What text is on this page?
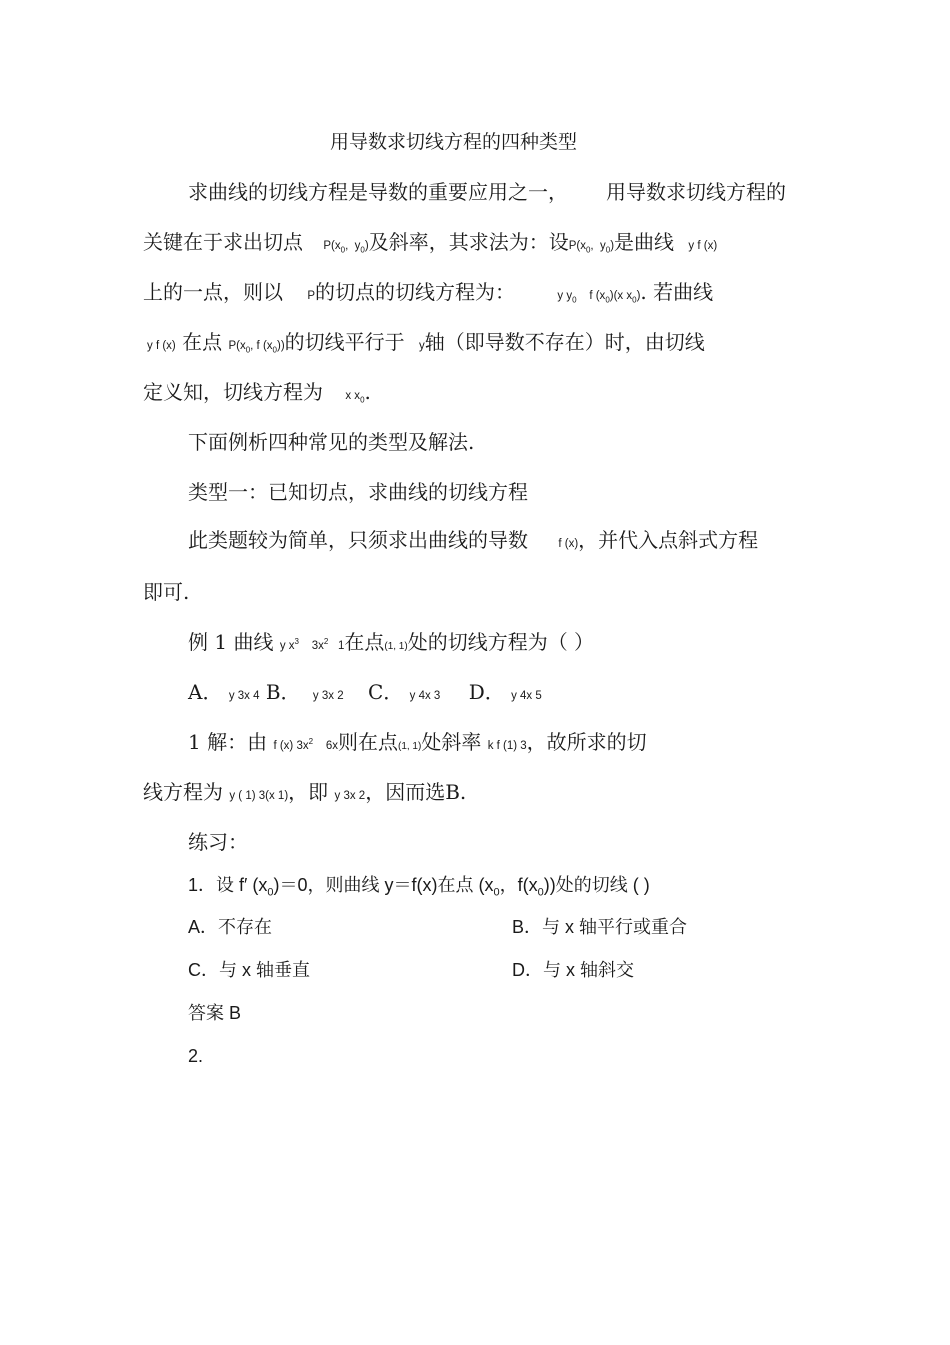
用导数求切线方程的四种类型
求曲线的切线方程是导数的重要应用之一， 用导数求切线方程的
关键在于求出切点 $P(x_0$, $y_0$)及斜率，其求法为：设$P(x_0$, $y_0$)是曲线 y f (x)
上的一点，则以 P的切点的切线方程为：	y $y_0$ f $(x_0)(x$ $x_0$). 若曲线
y f (x) 在点 $P(x_0$, f $(x_0)$)的切线平行于 y轴（即导数不存在）时，由切线
定义知，切线方程为 x $x_0$.
下面例析四种常见的类型及解法.
类型一：已知切点，求曲线的切线方程
此类题较为简单，只须求出曲线的导数	f (x)，并代入点斜式方程
即可.
例 1 曲线 y $x^3$ $3x^2$ 1在点(1, 1)处的切线方程为（ ）
A． y 3x 4 B． y 3x 2 C． y 4x 3 D． y 4x 5
1 解：由 f (x) $3x^2$ 6x则在点(1, 1)处斜率 k f (1) 3，故所求的切
线方程为 y ( 1) 3(x 1)，即 y 3x 2，因而选B.
练习：
1．设 f′ $(x_0)=0$，则曲线 y＝f(x)在点 ($x_0$，$f(x_0)$)处的切线 ( )
A．不存在	B．与 x 轴平行或重合
C．与 x 轴垂直	D．与 x 轴斜交
答案 B
2.
